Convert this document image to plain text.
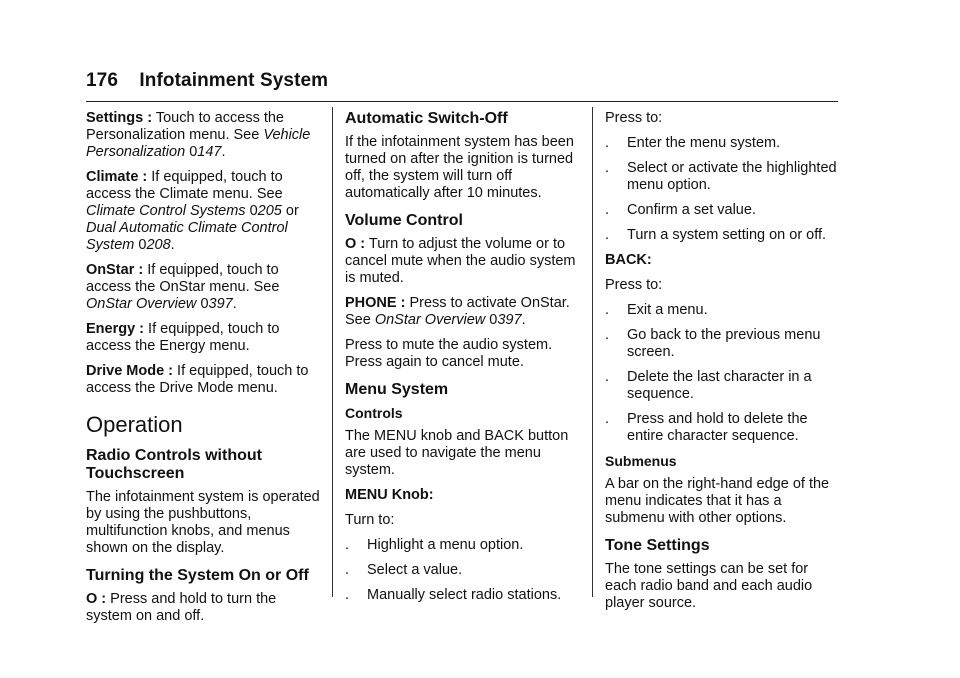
176 Infotainment System

Settings : Touch to access the Personalization menu. See Vehicle Personalization 0147.

Climate : If equipped, touch to access the Climate menu. See Climate Control Systems 0205 or Dual Automatic Climate Control System 0208.

OnStar : If equipped, touch to access the OnStar menu. See OnStar Overview 0397.

Energy : If equipped, touch to access the Energy menu.

Drive Mode : If equipped, touch to access the Drive Mode menu.

Operation
Radio Controls without Touchscreen

The infotainment system is operated by using the pushbuttons, multifunction knobs, and menus shown on the display.

Turning the System On or Off

O : Press and hold to turn the system on and off.

Automatic Switch-Off

If the infotainment system has been turned on after the ignition is turned off, the system will turn off automatically after 10 minutes.

Volume Control

O : Turn to adjust the volume or to cancel mute when the audio system is muted.

PHONE : Press to activate OnStar. See OnStar Overview 0397.

Press to mute the audio system. Press again to cancel mute.

Menu System
Controls

The MENU knob and BACK button are used to navigate the menu system.

MENU Knob:

Turn to:

. Highlight a menu option.
. Select a value.
. Manually select radio stations.

Press to:

. Enter the menu system.
. Select or activate the highlighted menu option.
. Confirm a set value.
. Turn a system setting on or off.

BACK:

Press to:

. Exit a menu.
. Go back to the previous menu screen.
. Delete the last character in a sequence.
. Press and hold to delete the entire character sequence.
Submenus

A bar on the right-hand edge of the menu indicates that it has a submenu with other options.

Tone Settings

The tone settings can be set for each radio band and each audio player source.
